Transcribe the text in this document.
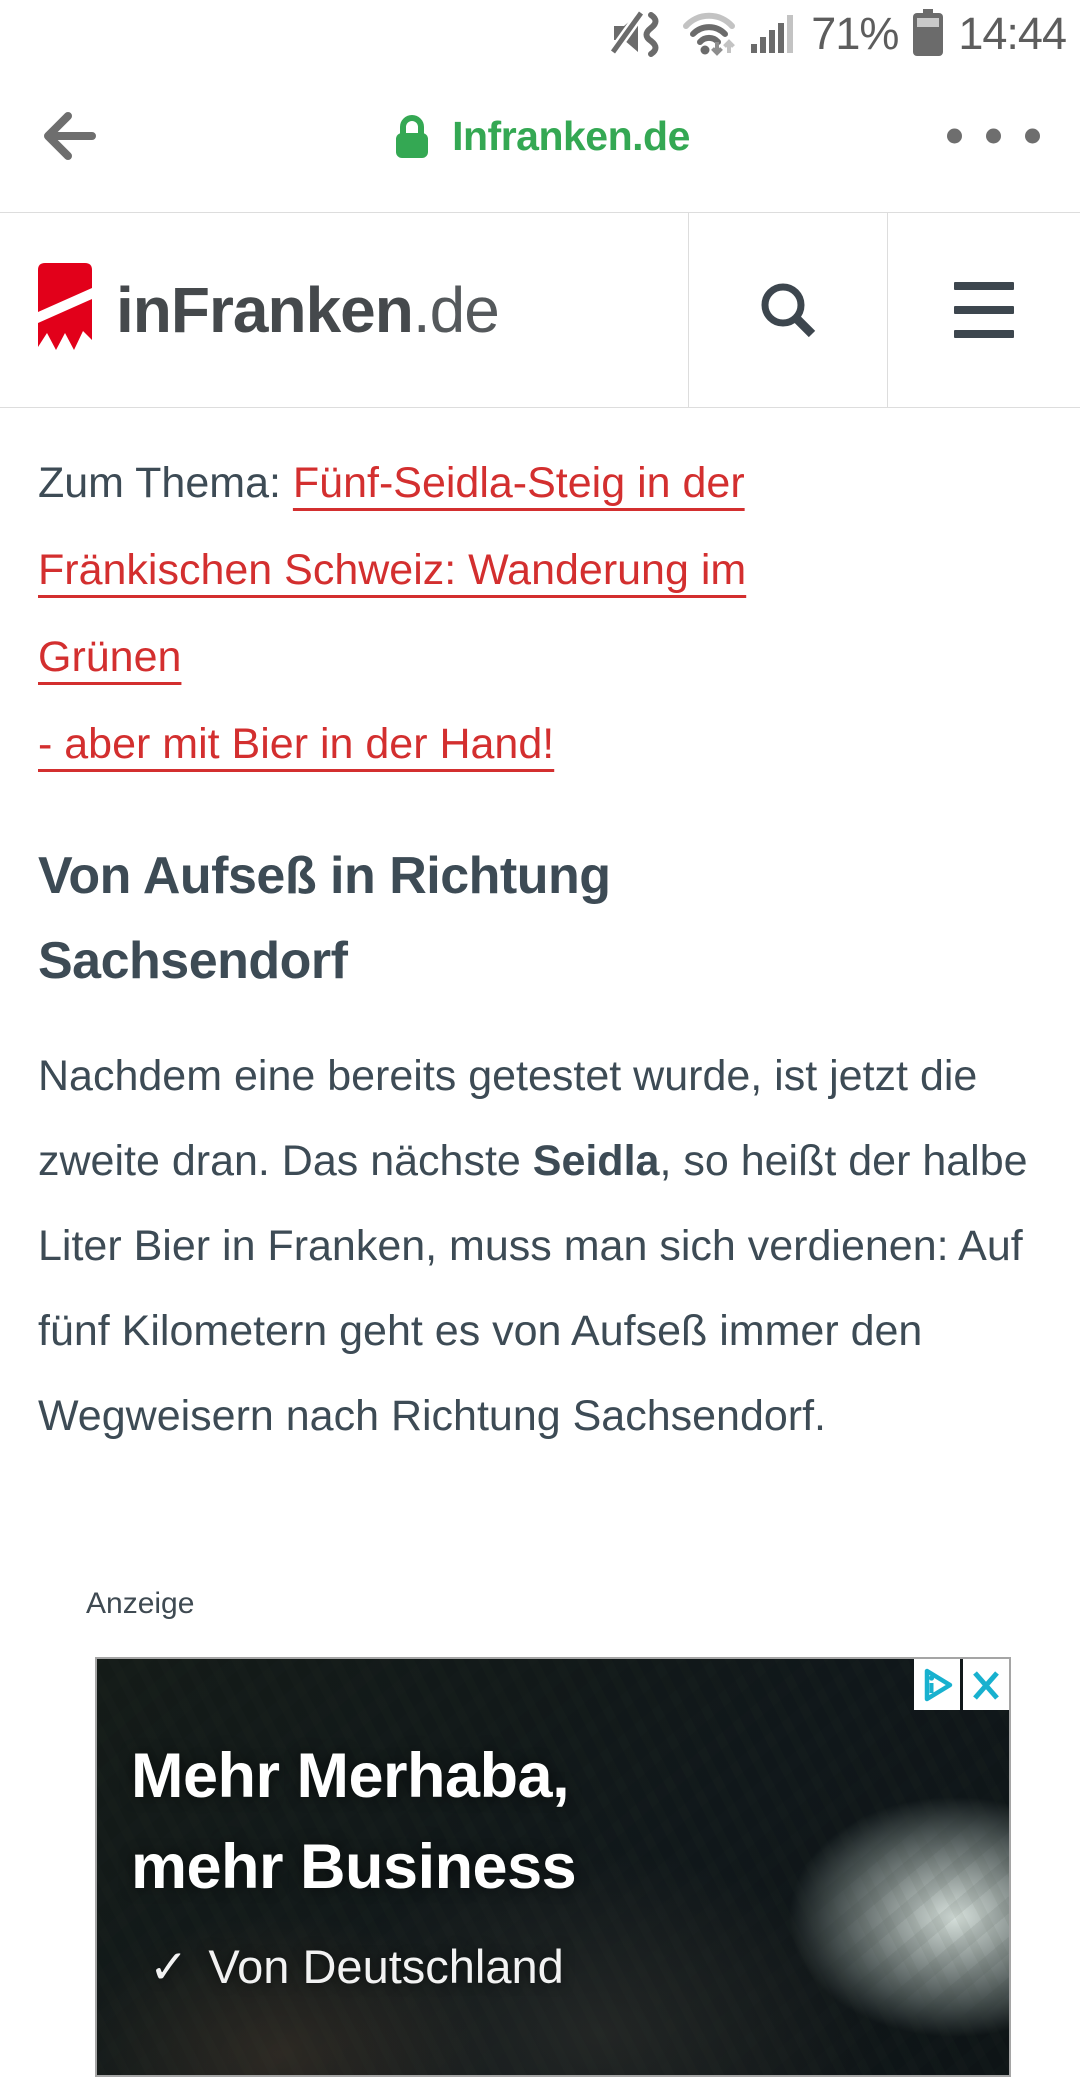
71% 14:44
Infranken.de
inFranken.de
Zum Thema: Fünf-Seidla-Steig in der
Fränkischen Schweiz: Wanderung im Grünen
- aber mit Bier in der Hand!
Von Aufseß in Richtung Sachsendorf

Nachdem eine bereits getestet wurde, ist jetzt die zweite dran. Das nächste Seidla, so heißt der halbe Liter Bier in Franken, muss man sich verdienen: Auf fünf Kilometern geht es von Aufseß immer den Wegweisern nach Richtung Sachsendorf.

Anzeige
Mehr Merhaba,
mehr Business
✓ Von Deutschland
